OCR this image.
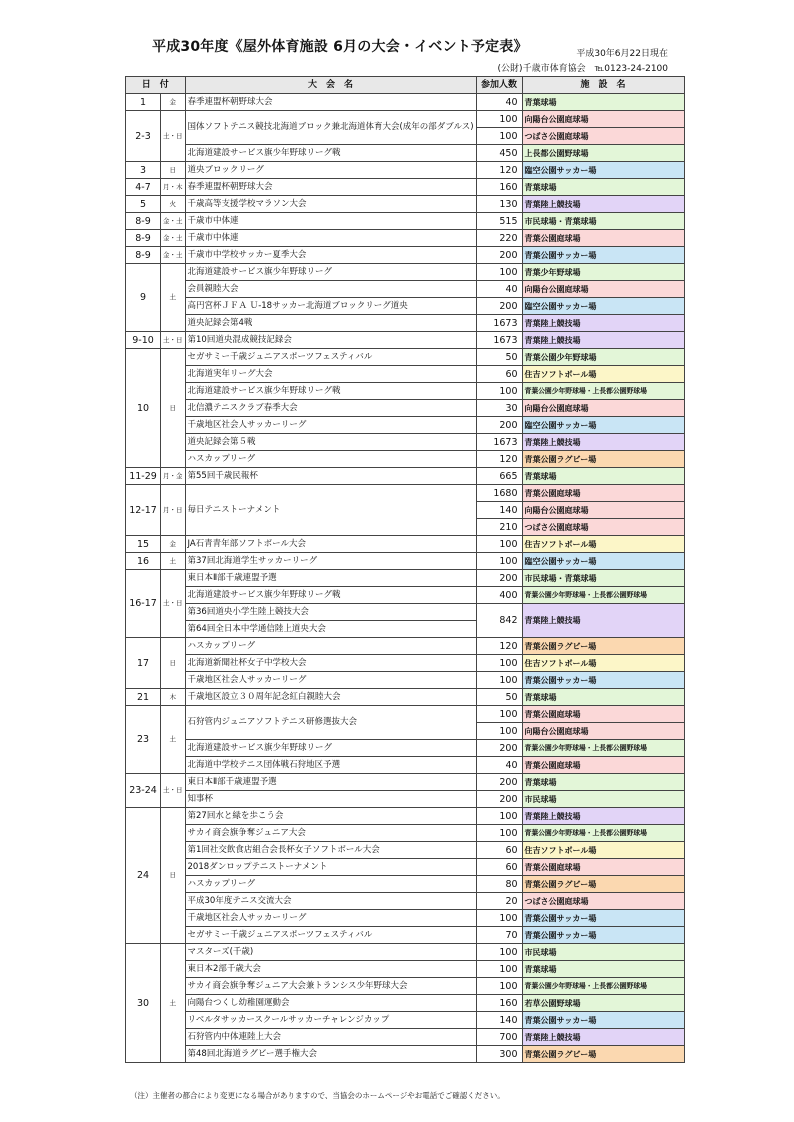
平成30年度《屋外体育施設 6月の大会・イベント予定表》	平成30年6月22日現在
(公財)千歳市体育協会　℡0123-24-2100
日　付		大　会　名	参加人数	施　設　名
1	金	春季連盟杯朝野球大会	40	青葉球場
2-3	土・日	国体ソフトテニス競技北海道ブロック兼北海道体育大会(成年の部ダブルス)	100	向陽台公園庭球場
			100	つばさ公園庭球場
		北海道建設サービス旗少年野球リーグ戦	450	上長都公園野球場
3	日	道央ブロックリーグ	120	臨空公園サッカー場
4-7	月・木	春季連盟杯朝野球大会	160	青葉球場
5	火	千歳高等支援学校マラソン大会	130	青葉陸上競技場
8-9	金・土	千歳市中体連	515	市民球場・青葉球場
8-9	金・土	千歳市中体連	220	青葉公園庭球場
8-9	金・土	千歳市中学校サッカー夏季大会	200	青葉公園サッカー場
9	土	北海道建設サービス旗少年野球リーグ	100	青葉少年野球場
		会員親睦大会	40	向陽台公園庭球場
		高円宮杯ＪＦＡ Ｕ-18サッカー北海道ブロックリーグ道央	200	臨空公園サッカー場
		道央記録会第4戦	1673	青葉陸上競技場
9-10	土・日	第10回道央混成競技記録会	1673	青葉陸上競技場
10	日	セガサミー千歳ジュニアスポーツフェスティバル	50	青葉公園少年野球場
		北海道実年リーグ大会	60	住吉ソフトボール場
		北海道建設サービス旗少年野球リーグ戦	100	青葉公園少年野球場・上長都公園野球場
		北信濃テニスクラブ春季大会	30	向陽台公園庭球場
		千歳地区社会人サッカーリーグ	200	臨空公園サッカー場
		道央記録会第５戦	1673	青葉陸上競技場
		ハスカップリーグ	120	青葉公園ラグビー場
11-29	月・金	第55回千歳民報杯	665	青葉球場
12-17	月・日	毎日テニストーナメント	1680	青葉公園庭球場
			140	向陽台公園庭球場
			210	つばさ公園庭球場
15	金	JA石青青年部ソフトボール大会	100	住吉ソフトボール場
16	土	第37回北海道学生サッカーリーグ	100	臨空公園サッカー場
16-17	土・日	東日本Ⅱ部千歳連盟予選	200	市民球場・青葉球場
		北海道建設サービス旗少年野球リーグ戦	400	青葉公園少年野球場・上長都公園野球場
		第36回道央小学生陸上競技大会	842	青葉陸上競技場
		第64回全日本中学通信陸上道央大会		
17	日	ハスカップリーグ	120	青葉公園ラグビー場
		北海道新聞社杯女子中学校大会	100	住吉ソフトボール場
		千歳地区社会人サッカーリーグ	100	青葉公園サッカー場
21	木	千歳地区設立３０周年記念紅白親睦大会	50	青葉球場
23	土	石狩管内ジュニアソフトテニス研修選抜大会	100	青葉公園庭球場
			100	向陽台公園庭球場
		北海道建設サービス旗少年野球リーグ	200	青葉公園少年野球場・上長都公園野球場
		北海道中学校テニス団体戦石狩地区予選	40	青葉公園庭球場
23-24	土・日	東日本Ⅱ部千歳連盟予選	200	青葉球場
		知事杯	200	市民球場
24	日	第27回水と緑を歩こう会	100	青葉陸上競技場
		サカイ商会旗争奪ジュニア大会	100	青葉公園少年野球場・上長都公園野球場
		第1回社交飲食店組合会長杯女子ソフトボール大会	60	住吉ソフトボール場
		2018ダンロップテニストーナメント	60	青葉公園庭球場
		ハスカップリーグ	80	青葉公園ラグビー場
		平成30年度テニス交流大会	20	つばさ公園庭球場
		千歳地区社会人サッカーリーグ	100	青葉公園サッカー場
		セガサミー千歳ジュニアスポーツフェスティバル	70	青葉公園サッカー場
30	土	マスターズ(千歳)	100	市民球場
		東日本2部千歳大会	100	青葉球場
		サカイ商会旗争奪ジュニア大会兼トランシス少年野球大会	100	青葉公園少年野球場・上長都公園野球場
		向陽台つくし幼稚園運動会	160	若草公園野球場
		リベルタサッカースクールサッカーチャレンジカップ	140	青葉公園サッカー場
		石狩管内中体連陸上大会	700	青葉陸上競技場
		第48回北海道ラグビー選手権大会	300	青葉公園ラグビー場
（注）主催者の都合により変更になる場合がありますので、当協会のホームページやお電話でご確認ください。
